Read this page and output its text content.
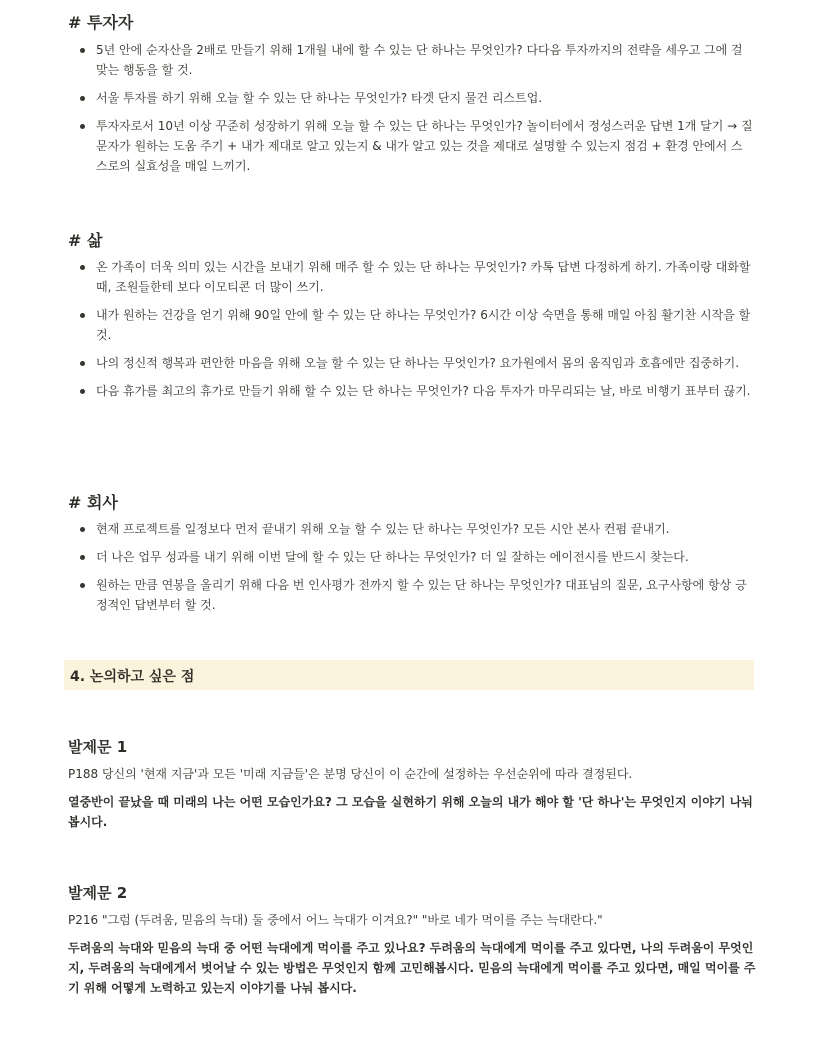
# 투자자
5년 안에 순자산을 2배로 만들기 위해 1개월 내에 할 수 있는 단 하나는 무엇인가? 다다음 투자까지의 전략을 세우고 그에 걸맞는 행동을 할 것.
서울 투자를 하기 위해 오늘 할 수 있는 단 하나는 무엇인가? 타겟 단지 물건 리스트업.
투자자로서 10년 이상 꾸준히 성장하기 위해 오늘 할 수 있는 단 하나는 무엇인가? 놀이터에서 정성스러운 답변 1개 달기 → 질문자가 원하는 도움 주기 + 내가 제대로 알고 있는지 & 내가 알고 있는 것을 제대로 설명할 수 있는지 점검 + 환경 안에서 스스로의 실효성을 매일 느끼기.
# 삶
온 가족이 더욱 의미 있는 시간을 보내기 위해 매주 할 수 있는 단 하나는 무엇인가? 카톡 답변 다정하게 하기. 가족이랑 대화할 때, 조원들한테 보다 이모티콘 더 많이 쓰기.
내가 원하는 건강을 얻기 위해 90일 안에 할 수 있는 단 하나는 무엇인가? 6시간 이상 숙면을 통해 매일 아침 활기찬 시작을 할 것.
나의 정신적 행복과 편안한 마음을 위해 오늘 할 수 있는 단 하나는 무엇인가? 요가원에서 몸의 움직임과 호흡에만 집중하기.
다음 휴가를 최고의 휴가로 만들기 위해 할 수 있는 단 하나는 무엇인가? 다음 투자가 마무리되는 날, 바로 비행기 표부터 끊기.
# 회사
현재 프로젝트를 일정보다 먼저 끝내기 위해 오늘 할 수 있는 단 하나는 무엇인가? 모든 시안 본사 컨펌 끝내기.
더 나은 업무 성과를 내기 위해 이번 달에 할 수 있는 단 하나는 무엇인가? 더 일 잘하는 에이전시를 반드시 찾는다.
원하는 만큼 연봉을 올리기 위해 다음 번 인사평가 전까지 할 수 있는 단 하나는 무엇인가? 대표님의 질문, 요구사항에 항상 긍정적인 답변부터 할 것.
4. 논의하고 싶은 점
발제문 1

P188 당신의 '현재 지금'과 모든 '미래 지금들'은 분명 당신이 이 순간에 설정하는 우선순위에 따라 결정된다.

열중반이 끝났을 때 미래의 나는 어떤 모습인가요? 그 모습을 실현하기 위해 오늘의 내가 해야 할 '단 하나'는 무엇인지 이야기 나눠 봅시다.

발제문 2

P216 "그럼 (두려움, 믿음의 늑대) 둘 중에서 어느 늑대가 이겨요?" "바로 네가 먹이를 주는 늑대란다."

두려움의 늑대와 믿음의 늑대 중 어떤 늑대에게 먹이를 주고 있나요? 두려움의 늑대에게 먹이를 주고 있다면, 나의 두려움이 무엇인지, 두려움의 늑대에게서 벗어날 수 있는 방법은 무엇인지 함께 고민해봅시다. 믿음의 늑대에게 먹이를 주고 있다면, 매일 먹이를 주기 위해 어떻게 노력하고 있는지 이야기를 나눠 봅시다.
